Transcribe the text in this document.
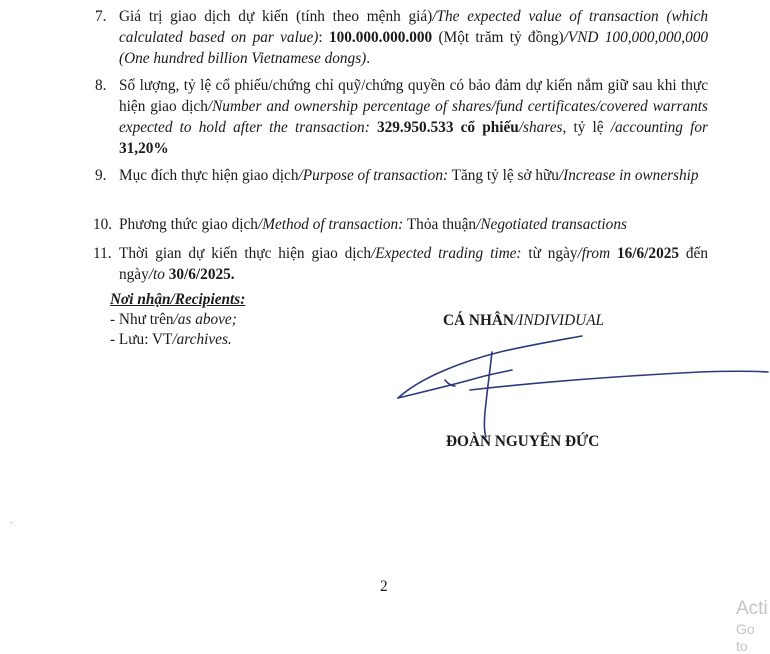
7. Giá trị giao dịch dự kiến (tính theo mệnh giá)/The expected value of transaction (which calculated based on par value): 100.000.000.000 (Một trăm tỷ đồng)/VND 100,000,000,000 (One hundred billion Vietnamese dongs).
8. Số lượng, tỷ lệ cổ phiếu/chứng chỉ quỹ/chứng quyền có bảo đảm dự kiến nắm giữ sau khi thực hiện giao dịch/Number and ownership percentage of shares/fund certificates/covered warrants expected to hold after the transaction: 329.950.533 cổ phiếu/shares, tỷ lệ /accounting for 31,20%
9. Mục đích thực hiện giao dịch/Purpose of transaction: Tăng tỷ lệ sở hữu/Increase in ownership
10. Phương thức giao dịch/Method of transaction: Thỏa thuận/Negotiated transactions
11. Thời gian dự kiến thực hiện giao dịch/Expected trading time: từ ngày/from 16/6/2025 đến ngày/to 30/6/2025.
Nơi nhận/Recipients:
- Như trên/as above;
- Lưu: VT/archives.
CÁ NHÂN/INDIVIDUAL
ĐOÀN NGUYÊN ĐỨC
2
Acti
Go to
